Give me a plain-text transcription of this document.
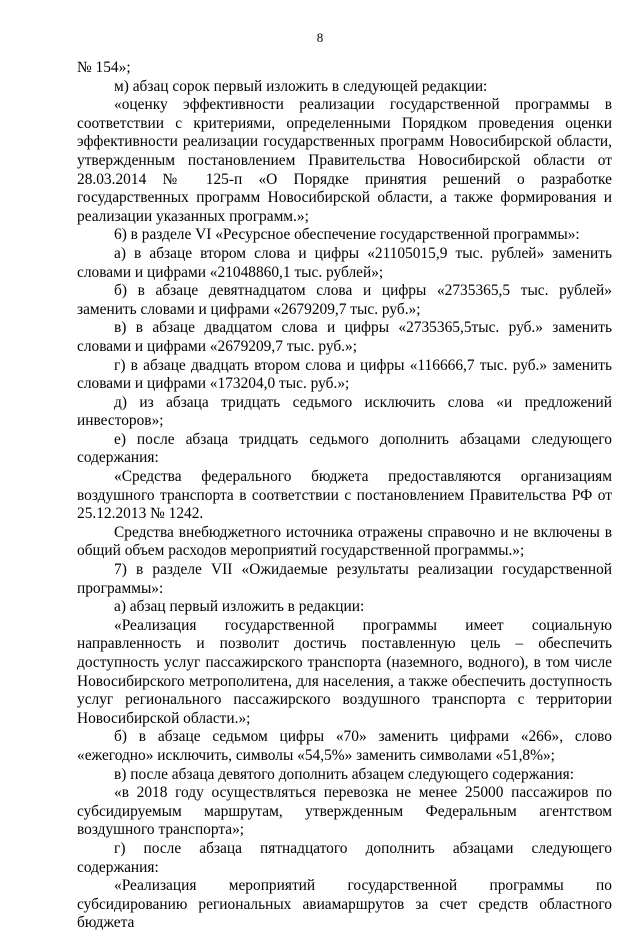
8

№ 154»;

м) абзац сорок первый изложить в следующей редакции:

«оценку эффективности реализации государственной программы в соответствии с критериями, определенными Порядком проведения оценки эффективности реализации государственных программ Новосибирской области, утвержденным постановлением Правительства Новосибирской области от 28.03.2014 № 125-п «О Порядке принятия решений о разработке государственных программ Новосибирской области, а также формирования и реализации указанных программ.»;

6) в разделе VI «Ресурсное обеспечение государственной программы»:

а) в абзаце втором слова и цифры «21105015,9 тыс. рублей» заменить словами и цифрами «21048860,1 тыс. рублей»;

б) в абзаце девятнадцатом слова и цифры «2735365,5 тыс. рублей» заменить словами и цифрами «2679209,7 тыс. руб.»;

в) в абзаце двадцатом слова и цифры «2735365,5тыс. руб.» заменить словами и цифрами «2679209,7 тыс. руб.»;

г) в абзаце двадцать втором слова и цифры «116666,7 тыс. руб.» заменить словами и цифрами «173204,0 тыс. руб.»;

д) из абзаца тридцать седьмого исключить слова «и предложений инвесторов»;

е) после абзаца тридцать седьмого дополнить абзацами следующего содержания:

«Средства федерального бюджета предоставляются организациям воздушного транспорта в соответствии с постановлением Правительства РФ от 25.12.2013 № 1242.

Средства внебюджетного источника отражены справочно и не включены в общий объем расходов мероприятий государственной программы.»;

7) в разделе VII «Ожидаемые результаты реализации государственной программы»:

а) абзац первый изложить в редакции:

«Реализация государственной программы имеет социальную направленность и позволит достичь поставленную цель – обеспечить доступность услуг пассажирского транспорта (наземного, водного), в том числе Новосибирского метрополитена, для населения, а также обеспечить доступность услуг регионального пассажирского воздушного транспорта с территории Новосибирской области.»;

б) в абзаце седьмом цифры «70» заменить цифрами «266», слово «ежегодно» исключить, символы «54,5%» заменить символами «51,8%»;

в) после абзаца девятого дополнить абзацем следующего содержания:

«в 2018 году осуществляться перевозка не менее 25000 пассажиров по субсидируемым маршрутам, утвержденным Федеральным агентством воздушного транспорта»;

г) после абзаца пятнадцатого дополнить абзацами следующего содержания:

«Реализация мероприятий государственной программы по субсидированию региональных авиамаршрутов за счет средств областного бюджета
